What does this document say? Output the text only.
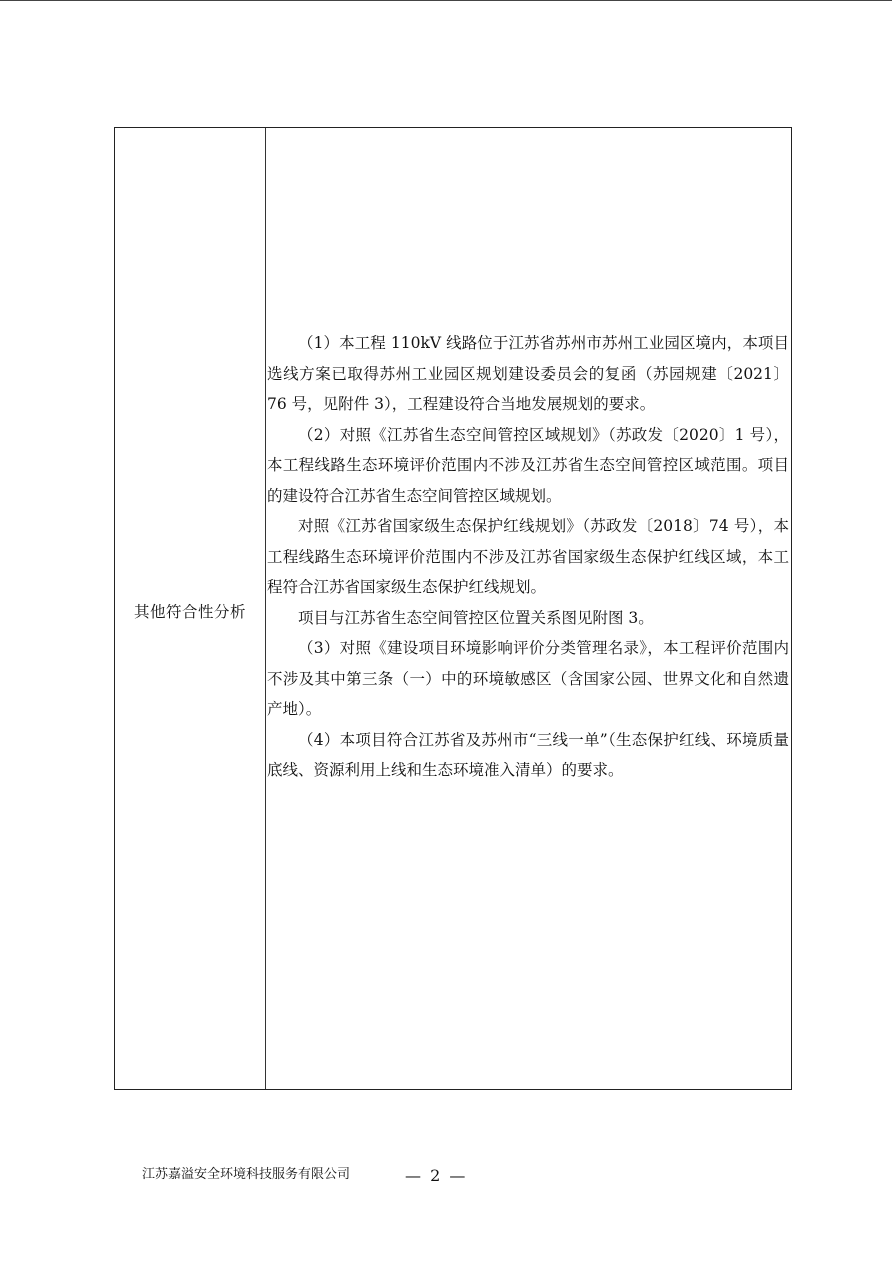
其他符合性分析

（1）本工程 110kV 线路位于江苏省苏州市苏州工业园区境内，本项目选线方案已取得苏州工业园区规划建设委员会的复函（苏园规建〔2021〕76 号，见附件 3），工程建设符合当地发展规划的要求。

（2）对照《江苏省生态空间管控区域规划》（苏政发〔2020〕1 号），本工程线路生态环境评价范围内不涉及江苏省生态空间管控区域范围。项目的建设符合江苏省生态空间管控区域规划。

对照《江苏省国家级生态保护红线规划》（苏政发〔2018〕74 号），本工程线路生态环境评价范围内不涉及江苏省国家级生态保护红线区域，本工程符合江苏省国家级生态保护红线规划。

项目与江苏省生态空间管控区位置关系图见附图 3。

（3）对照《建设项目环境影响评价分类管理名录》，本工程评价范围内不涉及其中第三条（一）中的环境敏感区（含国家公园、世界文化和自然遗产地）。

（4）本项目符合江苏省及苏州市“三线一单”（生态保护红线、环境质量底线、资源利用上线和生态环境准入清单）的要求。

江苏嘉溢安全环境科技服务有限公司	— 2 —
